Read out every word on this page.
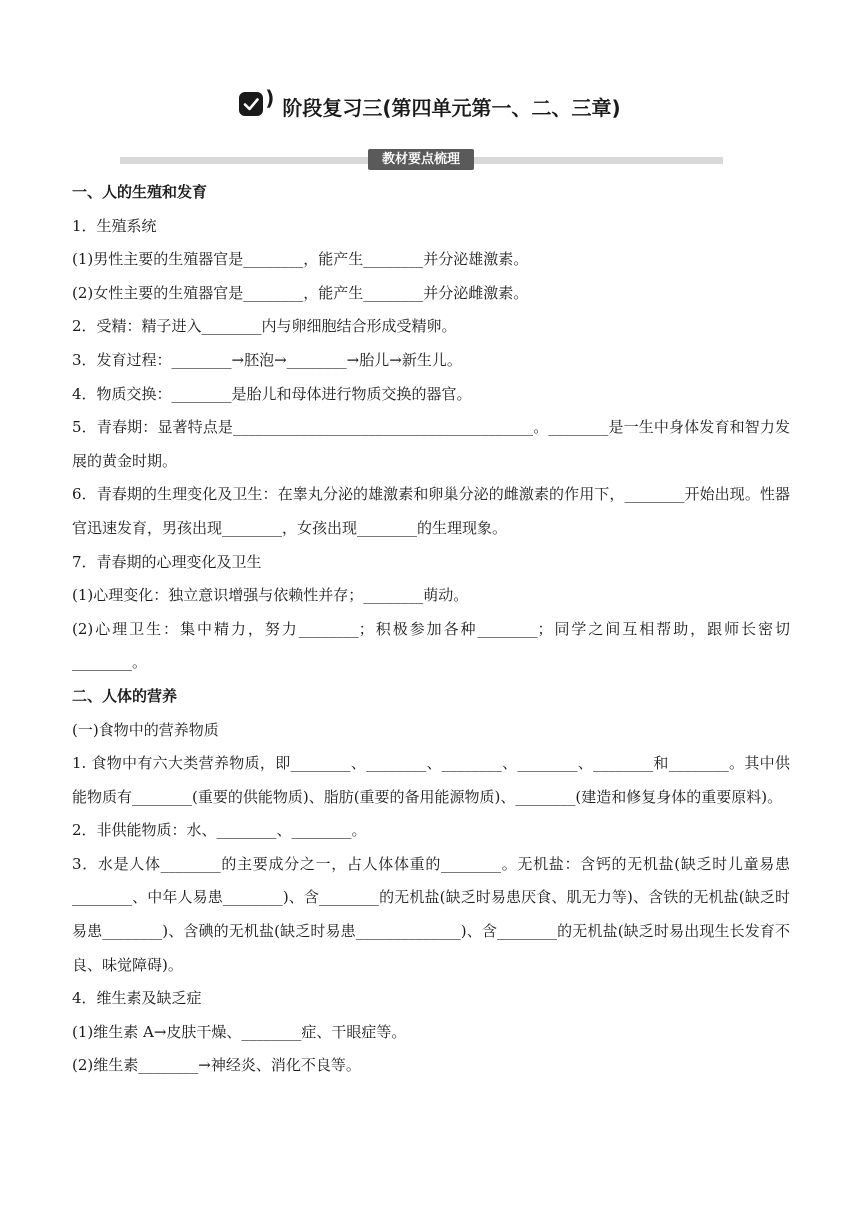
) 阶段复习三(第四单元第一、二、三章)
教材要点梳理

一、人的生殖和发育

1．生殖系统

(1)男性主要的生殖器官是________，能产生________并分泌雄激素。

(2)女性主要的生殖器官是________，能产生________并分泌雌激素。

2．受精：精子进入________内与卵细胞结合形成受精卵。

3．发育过程：________→胚泡→________→胎儿→新生儿。

4．物质交换：________是胎儿和母体进行物质交换的器官。

5．青春期：显著特点是________________________________________。________是一生中身体发育和智力发展的黄金时期。

6．青春期的生理变化及卫生：在睾丸分泌的雄激素和卵巢分泌的雌激素的作用下，________开始出现。性器官迅速发育，男孩出现________，女孩出现________的生理现象。

7．青春期的心理变化及卫生

(1)心理变化：独立意识增强与依赖性并存；________萌动。

(2)心理卫生：集中精力，努力________；积极参加各种________；同学之间互相帮助，跟师长密切________。

二、人体的营养

(一)食物中的营养物质

1. 食物中有六大类营养物质，即________、________、________、________、________和________。其中供能物质有________(重要的供能物质)、脂肪(重要的备用能源物质)、________(建造和修复身体的重要原料)。

2．非供能物质：水、________、________。

3．水是人体________的主要成分之一，占人体体重的________。无机盐：含钙的无机盐(缺乏时儿童易患________、中年人易患________)、含________的无机盐(缺乏时易患厌食、肌无力等)、含铁的无机盐(缺乏时易患________)、含碘的无机盐(缺乏时易患______________)、含________的无机盐(缺乏时易出现生长发育不良、味觉障碍)。

4．维生素及缺乏症

(1)维生素 A→皮肤干燥、________症、干眼症等。

(2)维生素________→神经炎、消化不良等。
